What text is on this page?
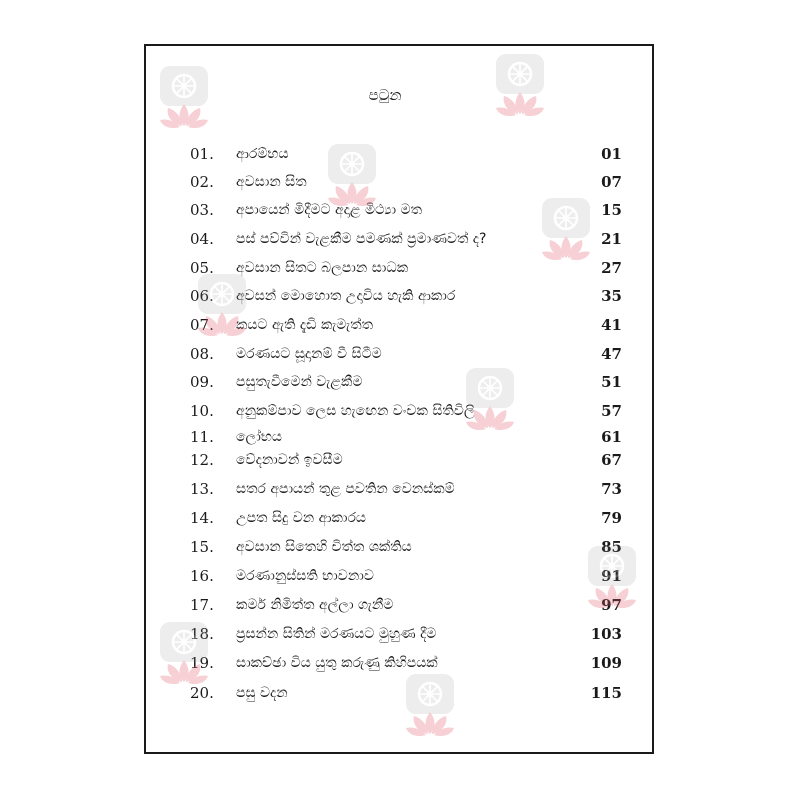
පටුන
01.	ආරම්භය	01
02.	අවසාන සිත	07
03.	අපායෙන් මිදීමට අදාළ මිථ්‍යා මත	15
04.	පස් පව්වින් වැළකීම පමණක් ප්‍රමාණවත් ද?	21
05.	අවසාන සිතට බලපාන සාධක	27
06.	අවසන් මොහොත උදාවිය හැකි ආකාර	35
07.	කයට ඇති දැඩි කැමැත්ත	41
08.	මරණයට සූදානම් වී සිටීම	47
09.	පසුතැවීමෙන් වැළකීම	51
10.	අනුකම්පාව ලෙස හැඟෙන වංචක සිතිවිලි	57
11.	ලෝභය	61
12.	වේදනාවන් ඉවසීම	67
13.	සතර අපායන් තුළ පවතින වෙනස්කම්	73
14.	උපත සිදු වන ආකාරය	79
15.	අවසාන සිතෙහි චිත්ත ශක්තිය	85
16.	මරණානුස්සති භාවනාව	91
17.	කර්ම නිමිත්ත අල්ලා ගැනීම	97
18.	ප්‍රසන්න සිතින් මරණයට මුහුණ දීම	103
19.	සාකච්ඡා විය යුතු කරුණු කිහිපයක්	109
20.	පසු වදන	115
